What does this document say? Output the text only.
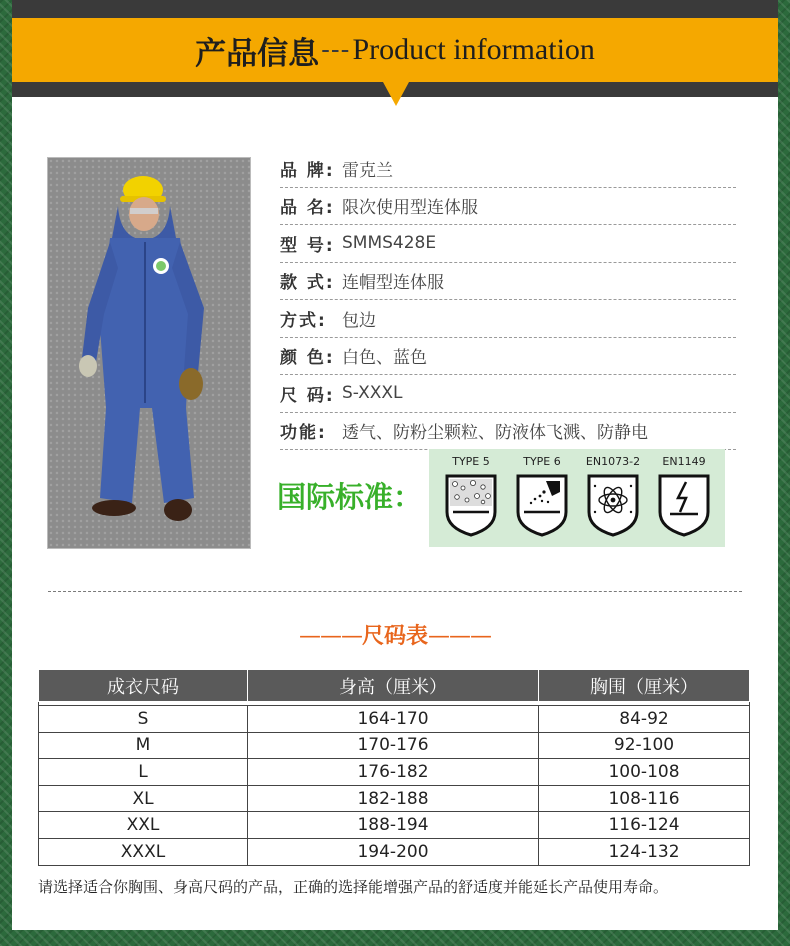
产品信息 --- Product information
品 牌: 雷克兰
品 名: 限次使用型连体服
型 号: SMMS428E
款 式: 连帽型连体服
方式: 包边
颜 色: 白色、蓝色
尺 码: S-XXXL
功能: 透气、防粉尘颗粒、防液体飞溅、防静电
国际标准：
TYPE 5	TYPE 6	EN1073-2	EN1149
———尺码表———
成衣尺码	身高（厘米）	胸围（厘米）

S	164-170	84-92
M	170-176	92-100
L	176-182	100-108
XL	182-188	108-116
XXL	188-194	116-124
XXXL	194-200	124-132
请选择适合你胸围、身高尺码的产品，正确的选择能增强产品的舒适度并能延长产品使用寿命。
